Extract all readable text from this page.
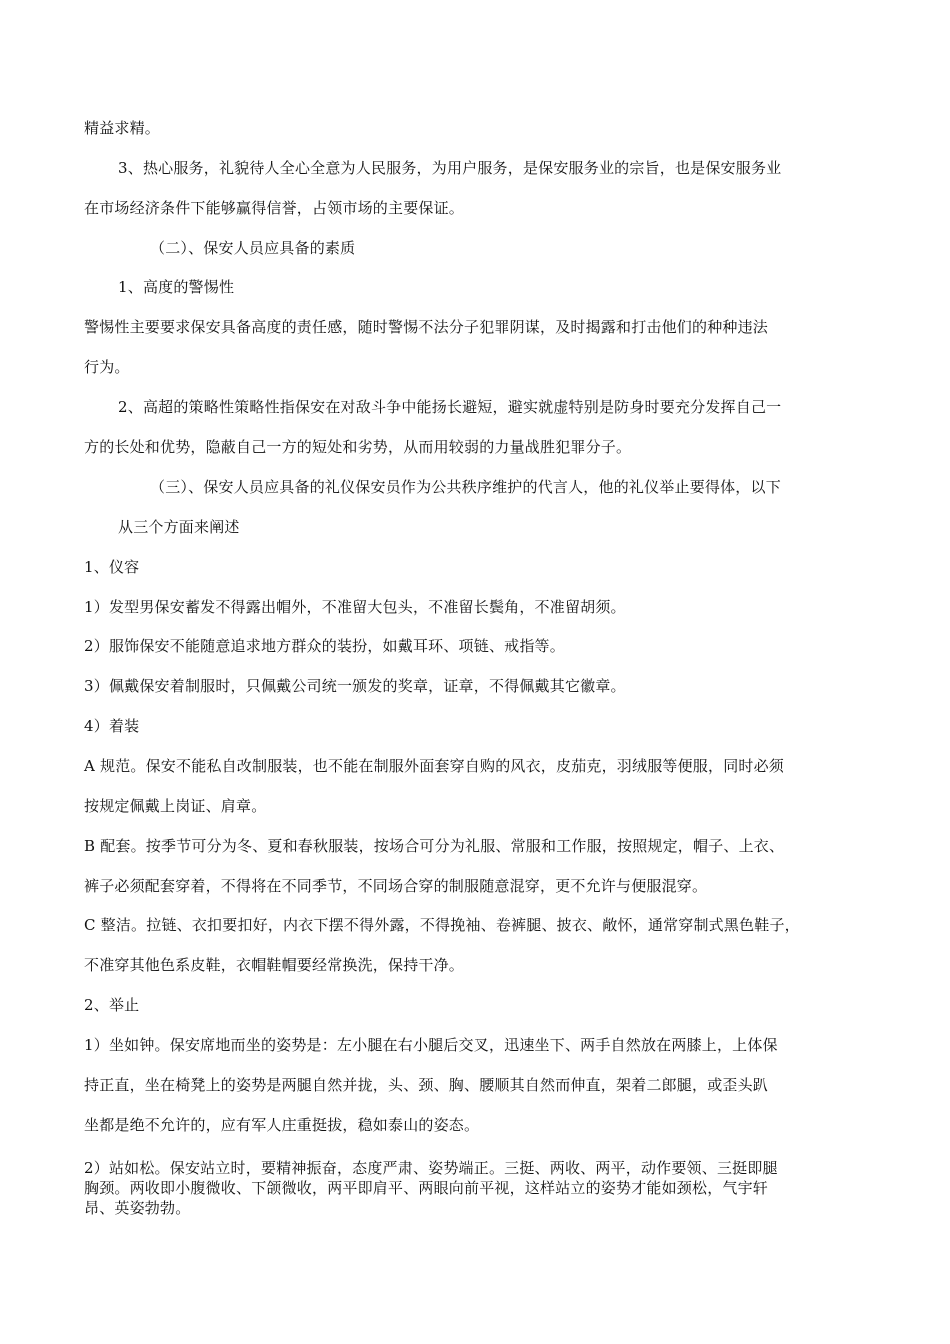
精益求精。
3、热心服务，礼貌待人全心全意为人民服务，为用户服务，是保安服务业的宗旨，也是保安服务业
在市场经济条件下能够赢得信誉，占领市场的主要保证。
（二）、保安人员应具备的素质
1、高度的警惕性
警惕性主要要求保安具备高度的责任感，随时警惕不法分子犯罪阴谋，及时揭露和打击他们的种种违法
行为。
2、高超的策略性策略性指保安在对敌斗争中能扬长避短，避实就虚特别是防身时要充分发挥自己一
方的长处和优势，隐蔽自己一方的短处和劣势，从而用较弱的力量战胜犯罪分子。
（三）、保安人员应具备的礼仪保安员作为公共秩序维护的代言人，他的礼仪举止要得体，以下
从三个方面来阐述
1、仪容
1）发型男保安蓄发不得露出帽外，不准留大包头，不准留长鬓角，不准留胡须。
2）服饰保安不能随意追求地方群众的装扮，如戴耳环、项链、戒指等。
3）佩戴保安着制服时，只佩戴公司统一颁发的奖章，证章，不得佩戴其它徽章。
4）着装
A 规范。保安不能私自改制服装，也不能在制服外面套穿自购的风衣，皮茄克，羽绒服等便服，同时必须
按规定佩戴上岗证、肩章。
B 配套。按季节可分为冬、夏和春秋服装，按场合可分为礼服、常服和工作服，按照规定，帽子、上衣、
裤子必须配套穿着，不得将在不同季节，不同场合穿的制服随意混穿，更不允许与便服混穿。
C 整洁。拉链、衣扣要扣好，内衣下摆不得外露，不得挽袖、卷裤腿、披衣、敞怀，通常穿制式黑色鞋子，
不准穿其他色系皮鞋，衣帽鞋帽要经常换洗，保持干净。
2、举止
1）坐如钟。保安席地而坐的姿势是：左小腿在右小腿后交叉，迅速坐下、两手自然放在两膝上，上体保
持正直，坐在椅凳上的姿势是两腿自然并拢，头、颈、胸、腰顺其自然而伸直，架着二郎腿，或歪头趴
坐都是绝不允许的，应有军人庄重挺拔，稳如泰山的姿态。
2）站如松。保安站立时，要精神振奋，态度严肃、姿势端正。三挺、两收、两平，动作要领、三挺即腿
胸颈。两收即小腹微收、下颌微收，两平即肩平、两眼向前平视，这样站立的姿势才能如颈松，气宇轩
昂、英姿勃勃。
